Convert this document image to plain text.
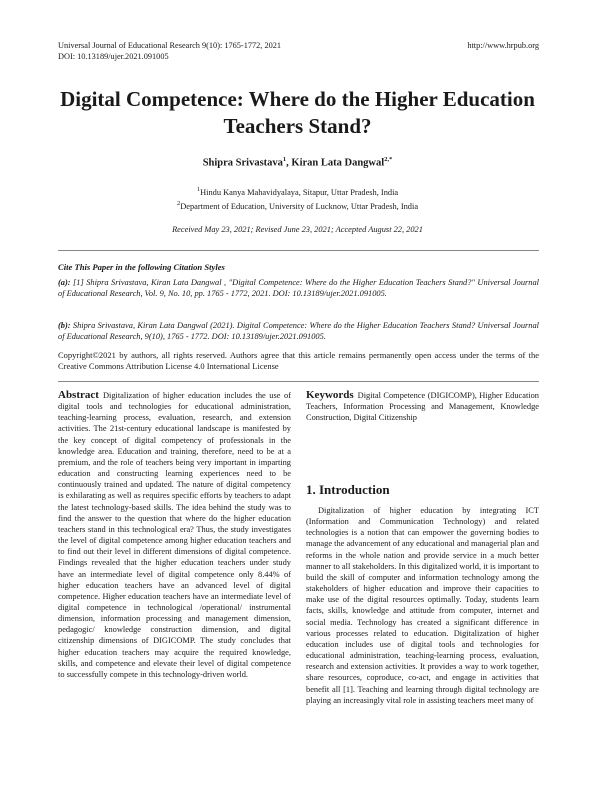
Universal Journal of Educational Research 9(10): 1765-1772, 2021
DOI: 10.13189/ujer.2021.091005
http://www.hrpub.org
Digital Competence: Where do the Higher Education
Teachers Stand?
Shipra Srivastava$^1$, Kiran Lata Dangwal$^{2,*}$
$^1$Hindu Kanya Mahavidyalaya, Sitapur, Uttar Pradesh, India
$^2$Department of Education, University of Lucknow, Uttar Pradesh, India
Received May 23, 2021; Revised June 23, 2021; Accepted August 22, 2021
Cite This Paper in the following Citation Styles
(a): [1] Shipra Srivastava, Kiran Lata Dangwal , "Digital Competence: Where do the Higher Education Teachers Stand?" Universal Journal of Educational Research, Vol. 9, No. 10, pp. 1765 - 1772, 2021. DOI: 10.13189/ujer.2021.091005.
(b): Shipra Srivastava, Kiran Lata Dangwal (2021). Digital Competence: Where do the Higher Education Teachers Stand? Universal Journal of Educational Research, 9(10), 1765 - 1772. DOI: 10.13189/ujer.2021.091005.
Copyright©2021 by authors, all rights reserved. Authors agree that this article remains permanently open access under the terms of the Creative Commons Attribution License 4.0 International License
Abstract Digitalization of higher education includes the use of digital tools and technologies for educational administration, teaching-learning process, evaluation, research, and extension activities. The 21st-century educational landscape is manifested by the key concept of digital competency of professionals in the knowledge area. Education and training, therefore, need to be at a premium, and the role of teachers being very important in imparting education and constructing learning experiences need to be continuously trained and updated. The nature of digital competency is exhilarating as well as requires specific efforts by teachers to adapt the latest technology-based skills. The idea behind the study was to find the answer to the question that where do the higher education teachers stand in this technological era? Thus, the study investigates the level of digital competence among higher education teachers and to find out their level in different dimensions of digital competence. Findings revealed that the higher education teachers under study have an intermediate level of digital competence only 8.44% of higher education teachers have an advanced level of digital competence. Higher education teachers have an intermediate level of digital competence in technological /operational/ instrumental dimension, information processing and management dimension, pedagogic/ knowledge construction dimension, and digital citizenship dimensions of DIGICOMP. The study concludes that higher education teachers may acquire the required knowledge, skills, and competence and elevate their level of digital competence to successfully compete in this technology-driven world.
Keywords Digital Competence (DIGICOMP), Higher Education Teachers, Information Processing and Management, Knowledge Construction, Digital Citizenship
1. Introduction
Digitalization of higher education by integrating ICT (Information and Communication Technology) and related technologies is a notion that can empower the governing bodies to manage the advancement of any educational and managerial plan and reforms in the whole nation and provide service in a much better manner to all stakeholders. In this digitalized world, it is important to build the skill of computer and information technology among the stakeholders of higher education and improve their capacities to make use of the digital resources optimally. Today, students learn facts, skills, knowledge and attitude from computer, internet and social media. Technology has created a significant difference in various processes related to education. Digitalization of higher education includes use of digital tools and technologies for educational administration, teaching-learning process, evaluation, research and extension activities. It provides a way to work together, share resources, coproduce, co-act, and engage in activities that benefit all [1]. Teaching and learning through digital technology are playing an increasingly vital role in assisting teachers meet many of
